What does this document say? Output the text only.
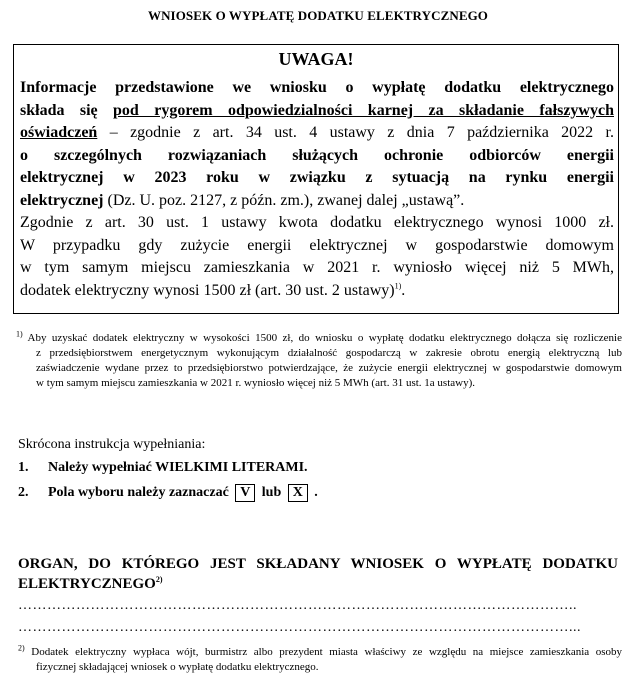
WNIOSEK O WYPŁATĘ DODATKU ELEKTRYCZNEGO
UWAGA!
Informacje przedstawione we wniosku o wypłatę dodatku elektrycznego
składa się pod rygorem odpowiedzialności karnej za składanie fałszywych
oświadczeń – zgodnie z art. 34 ust. 4 ustawy z dnia 7 października 2022 r.
o szczególnych rozwiązaniach służących ochronie odbiorców energii
elektrycznej w 2023 roku w związku z sytuacją na rynku energii
elektrycznej (Dz. U. poz. 2127, z późn. zm.), zwanej dalej „ustawą”.
Zgodnie z art. 30 ust. 1 ustawy kwota dodatku elektrycznego wynosi 1000 zł.
W przypadku gdy zużycie energii elektrycznej w gospodarstwie domowym
w tym samym miejscu zamieszkania w 2021 r. wyniosło więcej niż 5 MWh,
dodatek elektryczny wynosi 1500 zł (art. 30 ust. 2 ustawy)$^{1)}$.
$^{1)}$ Aby uzyskać dodatek elektryczny w wysokości 1500 zł, do wniosku o wypłatę dodatku elektrycznego dołącza się rozliczenie
z przedsiębiorstwem energetycznym wykonującym działalność gospodarczą w zakresie obrotu energią elektryczną lub
zaświadczenie wydane przez to przedsiębiorstwo potwierdzające, że zużycie energii elektrycznej w gospodarstwie domowym
w tym samym miejscu zamieszkania w 2021 r. wyniosło więcej niż 5 MWh (art. 31 ust. 1a ustawy).
Skrócona instrukcja wypełniania:
1. Należy wypełniać WIELKIMI LITERAMI.
2. Pola wyboru należy zaznaczać V lub X .
ORGAN, DO KTÓREGO JEST SKŁADANY WNIOSEK O WYPŁATĘ DODATKU
ELEKTRYCZNEGO$^{2)}$
……………………………………………………………………………………………………..
……………………………………………………………………………………………………...
$^{2)}$ Dodatek elektryczny wypłaca wójt, burmistrz albo prezydent miasta właściwy ze względu na miejsce zamieszkania osoby
fizycznej składającej wniosek o wypłatę dodatku elektrycznego.
